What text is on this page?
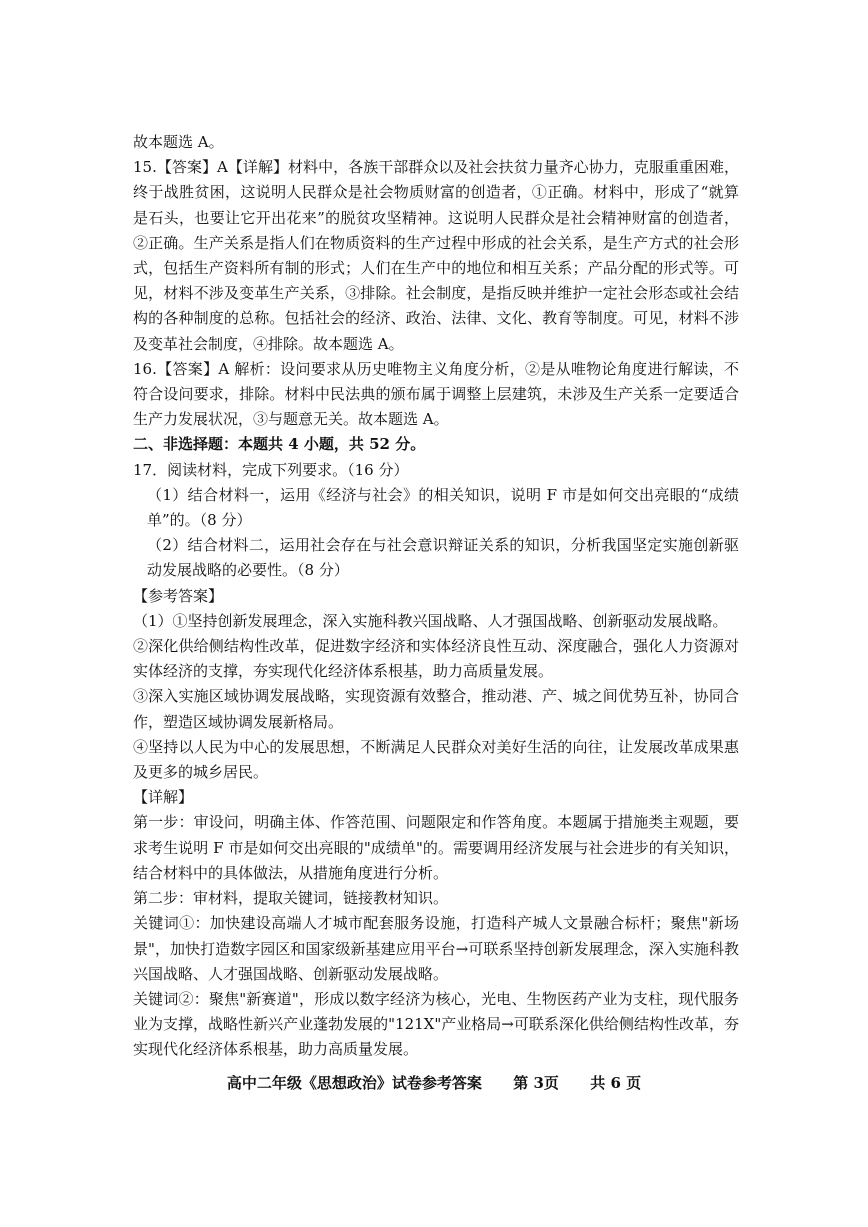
故本题选 A。

15.【答案】A【详解】材料中，各族干部群众以及社会扶贫力量齐心协力，克服重重困难，终于战胜贫困，这说明人民群众是社会物质财富的创造者，①正确。材料中，形成了“就算是石头，也要让它开出花来”的脱贫攻坚精神。这说明人民群众是社会精神财富的创造者，②正确。生产关系是指人们在物质资料的生产过程中形成的社会关系，是生产方式的社会形式，包括生产资料所有制的形式；人们在生产中的地位和相互关系；产品分配的形式等。可见，材料不涉及变革生产关系，③排除。社会制度，是指反映并维护一定社会形态或社会结构的各种制度的总称。包括社会的经济、政治、法律、文化、教育等制度。可见，材料不涉及变革社会制度，④排除。故本题选 A。

16.【答案】A 解析：设问要求从历史唯物主义角度分析，②是从唯物论角度进行解读，不符合设问要求，排除。材料中民法典的颁布属于调整上层建筑，未涉及生产关系一定要适合生产力发展状况，③与题意无关。故本题选 A。

二、非选择题：本题共 4 小题，共 52 分。

17．阅读材料，完成下列要求。（16 分）

（1）结合材料一，运用《经济与社会》的相关知识，说明 F 市是如何交出亮眼的“成绩单”的。（8 分）

（2）结合材料二，运用社会存在与社会意识辩证关系的知识，分析我国坚定实施创新驱动发展战略的必要性。（8 分）

【参考答案】

（1）①坚持创新发展理念，深入实施科教兴国战略、人才强国战略、创新驱动发展战略。

②深化供给侧结构性改革，促进数字经济和实体经济良性互动、深度融合，强化人力资源对实体经济的支撑，夯实现代化经济体系根基，助力高质量发展。

③深入实施区域协调发展战略，实现资源有效整合，推动港、产、城之间优势互补，协同合作，塑造区域协调发展新格局。

④坚持以人民为中心的发展思想，不断满足人民群众对美好生活的向往，让发展改革成果惠及更多的城乡居民。

【详解】

第一步：审设问，明确主体、作答范围、问题限定和作答角度。本题属于措施类主观题，要求考生说明 F 市是如何交出亮眼的"成绩单"的。需要调用经济发展与社会进步的有关知识，结合材料中的具体做法，从措施角度进行分析。

第二步：审材料，提取关键词，链接教材知识。

关键词①：加快建设高端人才城市配套服务设施，打造科产城人文景融合标杆；聚焦"新场景"，加快打造数字园区和国家级新基建应用平台→可联系坚持创新发展理念，深入实施科教兴国战略、人才强国战略、创新驱动发展战略。

关键词②：聚焦"新赛道"，形成以数字经济为核心，光电、生物医药产业为支柱，现代服务业为支撑，战略性新兴产业蓬勃发展的"121X"产业格局→可联系深化供给侧结构性改革，夯实现代化经济体系根基，助力高质量发展。

高中二年级《思想政治》试卷参考答案      第 3页      共 6 页
